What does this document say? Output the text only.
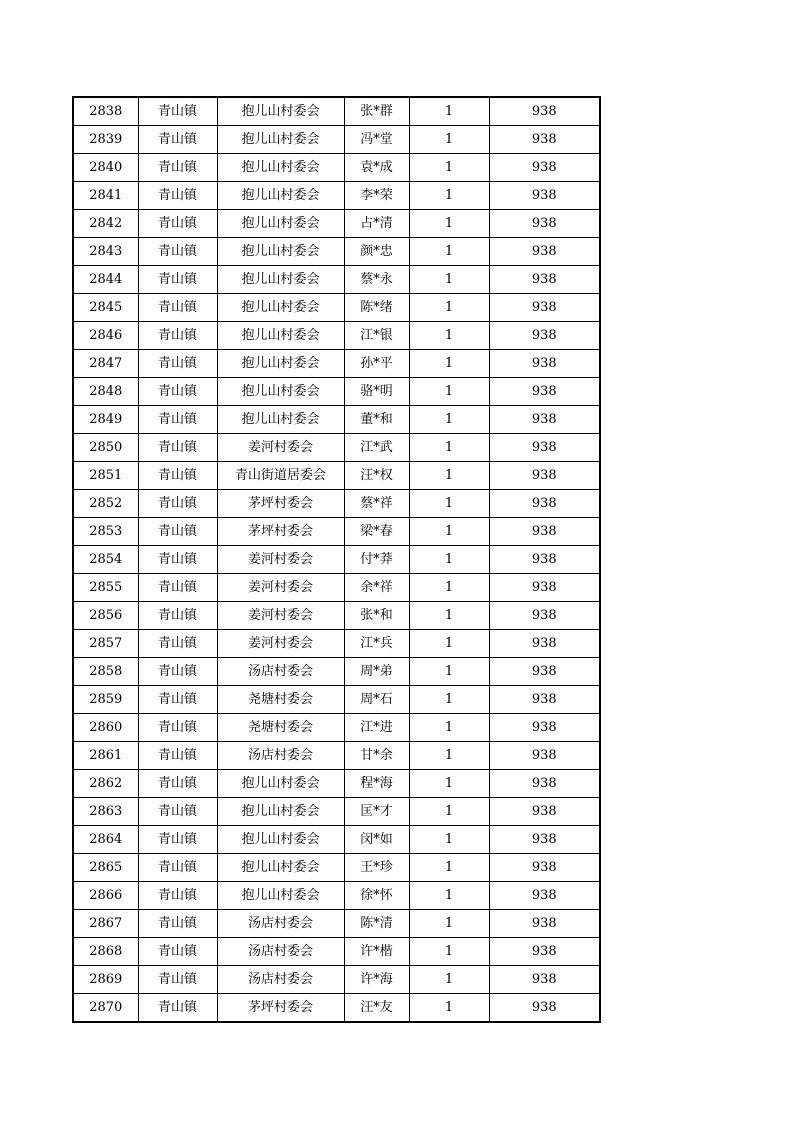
2838	青山镇	抱儿山村委会	张*群	1	938
2839	青山镇	抱儿山村委会	冯*堂	1	938
2840	青山镇	抱儿山村委会	袁*成	1	938
2841	青山镇	抱儿山村委会	李*荣	1	938
2842	青山镇	抱儿山村委会	占*清	1	938
2843	青山镇	抱儿山村委会	颜*忠	1	938
2844	青山镇	抱儿山村委会	蔡*永	1	938
2845	青山镇	抱儿山村委会	陈*绪	1	938
2846	青山镇	抱儿山村委会	江*银	1	938
2847	青山镇	抱儿山村委会	孙*平	1	938
2848	青山镇	抱儿山村委会	骆*明	1	938
2849	青山镇	抱儿山村委会	董*和	1	938
2850	青山镇	姜河村委会	江*武	1	938
2851	青山镇	青山街道居委会	汪*权	1	938
2852	青山镇	茅坪村委会	蔡*祥	1	938
2853	青山镇	茅坪村委会	梁*春	1	938
2854	青山镇	姜河村委会	付*莽	1	938
2855	青山镇	姜河村委会	余*祥	1	938
2856	青山镇	姜河村委会	张*和	1	938
2857	青山镇	姜河村委会	江*兵	1	938
2858	青山镇	汤店村委会	周*弟	1	938
2859	青山镇	尧塘村委会	周*石	1	938
2860	青山镇	尧塘村委会	江*进	1	938
2861	青山镇	汤店村委会	甘*余	1	938
2862	青山镇	抱儿山村委会	程*海	1	938
2863	青山镇	抱儿山村委会	匡*才	1	938
2864	青山镇	抱儿山村委会	闵*如	1	938
2865	青山镇	抱儿山村委会	王*珍	1	938
2866	青山镇	抱儿山村委会	徐*怀	1	938
2867	青山镇	汤店村委会	陈*清	1	938
2868	青山镇	汤店村委会	许*楷	1	938
2869	青山镇	汤店村委会	许*海	1	938
2870	青山镇	茅坪村委会	汪*友	1	938
